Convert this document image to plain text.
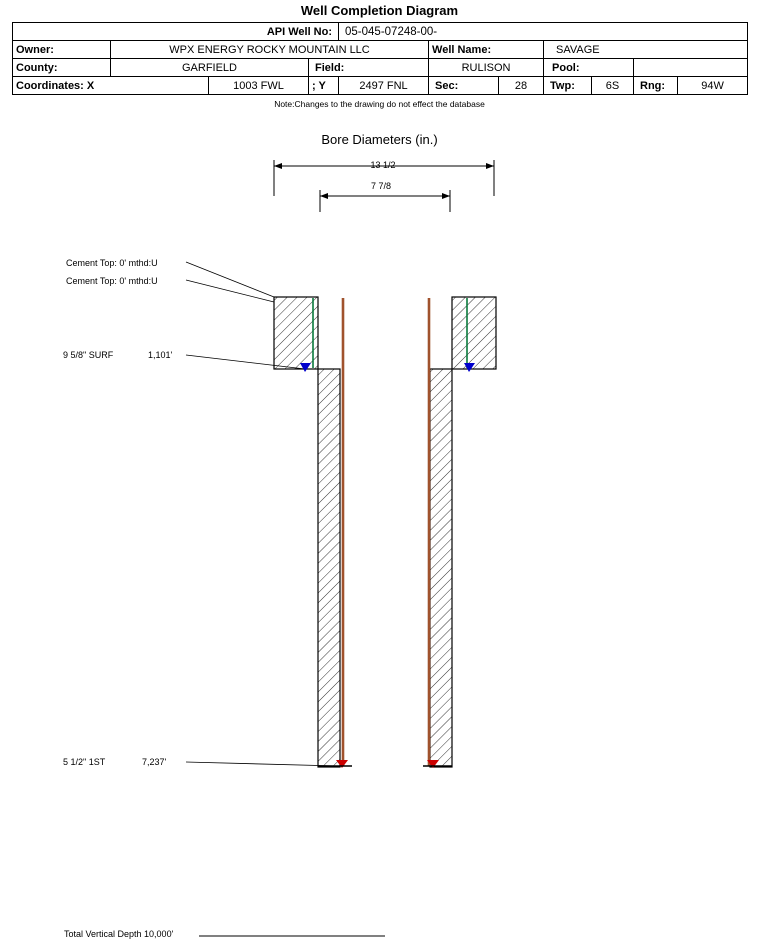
Well Completion Diagram
API Well No:				05-045-07248-00-						
Owner:	WPX ENERGY ROCKY MOUNTAIN LLC				Well Name:		SAVAGE			
County:	GARFIELD		Field:		RULISON		Pool:			
Coordinates: X		1003 FWL	; Y	2497 FNL	Sec:	28	Twp:	6S	Rng:	94W
Note:Changes to the drawing do not effect the database
Bore Diameters (in.)
13 1/2
7 7/8
Cement Top: 0' mthd:U
Cement Top: 0' mthd:U
9 5/8" SURF	1,101'
5 1/2" 1ST	7,237'
Total Vertical Depth 10,000'
